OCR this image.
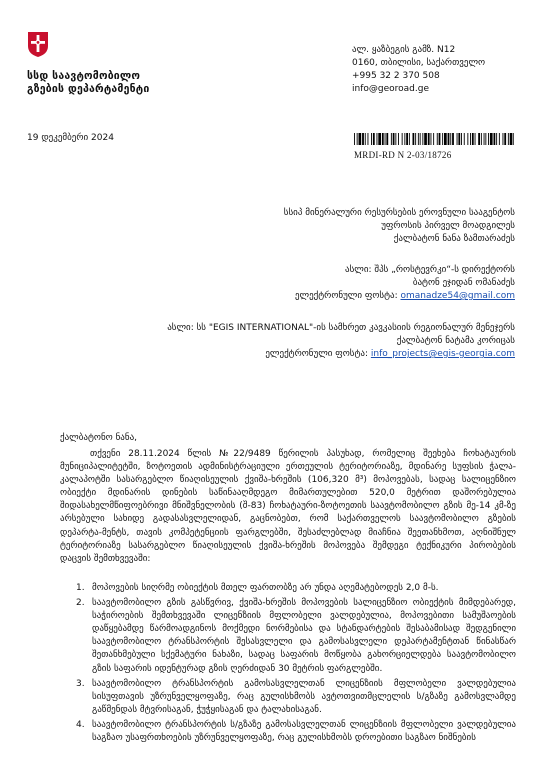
სსდ საავტომობილო
გზების დეპარტამენტი
ალ. ყაზბეგის გამზ. N12
0160, თბილისი, საქართველო
+995 32 2 370 508
info@georoad.ge
19 დეკემბერი 2024
MRDI-RD N 2-03/18726
სსიპ მინერალური რესურსების ეროვნული სააგენტოს
უფროსის პირველ მოადგილეს
ქალბატონ ნანა ზამთარაძეს
ასლი: შპს „როსტევრკი“-ს დირექტორს
ბატონ ეჯიდან ომანაძეს
ელექტრონული ფოსტა: omanadze54@gmail.com
ასლი: სს "EGIS INTERNATIONAL"-ის სამხრეთ კავკასიის რეგიონალურ მენეჯერს
ქალბატონ ნატამა კორიცას
ელექტრონული ფოსტა: info_projects@egis-georgia.com
ქალბატონო ნანა,

თქვენი 28.11.2024 წლის №22/9489 წერილის პასუხად, რომელიც შეეხება ჩოხატაურის მუნიციპალიტეტში, ზოტოეთის ადმინისტრაციული ერთეულის ტერიტორიაზე, მდინარე სუფსის ჭალა-კალაპოტში სასარგებლო წიაღისეულის ქვიშა-ხრეშის (106,320 მ³) მოპოვებას, სადაც სალიცენზიო ობიექტი მდინარის დინების საწინააღმდეგო მიმართულებით 520,0 მეტრით დაშორებულია შიდასახელმწიფოებრივი მნიშვნელობის (შ-83) ჩოხატაური-ზოტოეთის საავტომობილო გზის მე-14 კმ-ზე არსებული სახიდე გადასასვლელიდან, გაცნობებთ, რომ საქართველოს საავტომობილო გზების დეპარტა-მენტს, თავის კომპეტენციის ფარგლებში, შესაძლებლად მიაჩნია შეეთანხმოთ, აღნიშნულ ტერიტორიაზე სასარგებლო წიაღისეულის ქვიშა-ხრეშის მოპოვება შემდეგი ტექნიკური პირობების დაცვის შემთხვევაში:

1. მოპოვების სიღრმე ობიექტის მთელ ფართობზე არ უნდა აღემატებოდეს 2,0 მ-ს.
2. საავტომობილო გზის გასწვრივ, ქვიშა-ხრეშის მოპოვების სალიცენზიო ობიექტის მიმდებარედ, საჭიროების შემთხვევაში ლიცენზიის მფლობელი ვალდებულია, მოპოვებითი სამუშაოების დაწყებამდე წარმოადგინოს მოქმედი ნორმებისა და სტანდარტების შესაბამისად შედგენილი საავტომობილო ტრანსპორტის შესასვლელი და გამოსასვლელი დეპარტამენტთან წინასწარ შეთანხმებული სქემატური ნახაზი, სადაც საფარის მოწყობა გახორციელდება საავტომობილო გზის საფარის იდენტურად გზის ღერძიდან 30 მეტრის ფარგლებში.
3. საავტომობილო ტრანსპორტის გამოსასვლელთან ლიცენზიის მფლობელი ვალდებულია სისუფთავის უზრუნველყოფაზე, რაც გულისხმობს ავტოთვითმცლელის ს/გზაზე გამოსვლამდე გაწმენდას მტვრისაგან, ჭუჭყისაგან და ტალახისაგან.
4. საავტომობილო ტრანსპორტის ს/გზაზე გამოსასვლელთან ლიცენზიის მფლობელი ვალდებულია საგზაო უსაფრთხოების უზრუნველყოფაზე, რაც გულისხმობს დროებითი საგზაო ნიშნების
